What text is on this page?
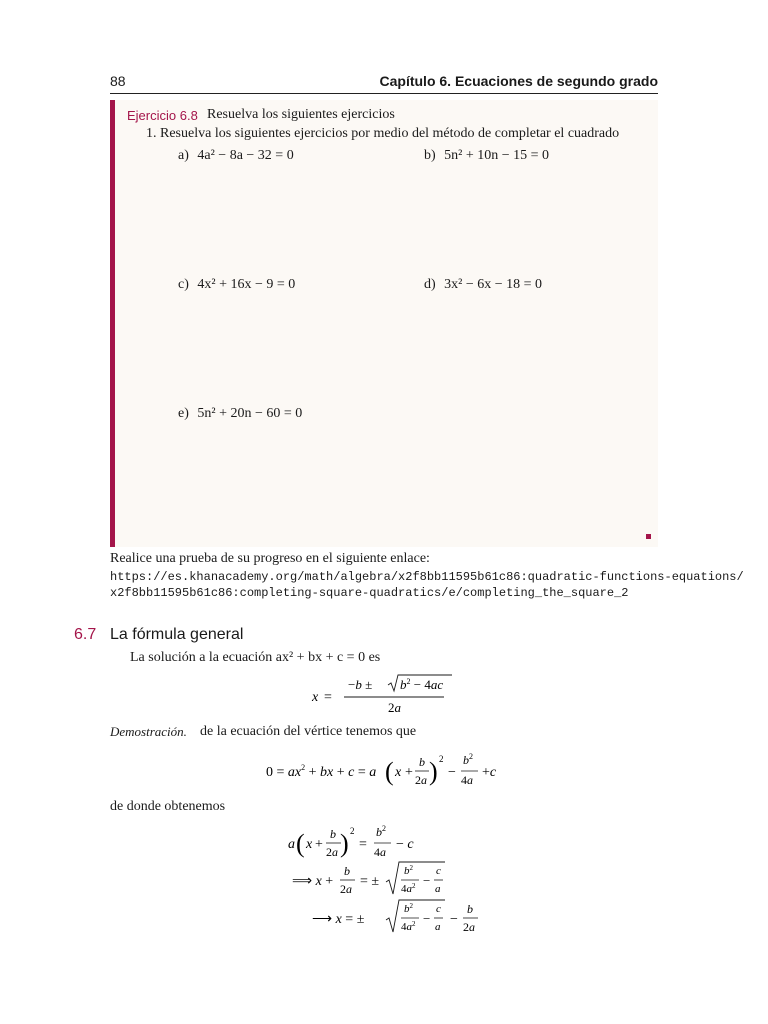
88	Capítulo 6. Ecuaciones de segundo grado
Ejercicio 6.8 Resuelva los siguientes ejercicios
1. Resuelva los siguientes ejercicios por medio del método de completar el cuadrado
a) 4a² − 8a − 32 = 0	b) 5n² + 10n − 15 = 0
c) 4x² + 16x − 9 = 0	d) 3x² − 6x − 18 = 0
e) 5n² + 20n − 60 = 0
Realice una prueba de su progreso en el siguiente enlace:
https://es.khanacademy.org/math/algebra/x2f8bb11595b61c86:quadratic-functions-equations/
x2f8bb11595b61c86:completing-square-quadratics/e/completing_the_square_2
6.7 La fórmula general
La solución a la ecuación ax² + bx + c = 0 es
x =
$-b \pm b^2 - 4ac$
2a
Demostración. de la ecuación del vértice tenemos que
$0 = ax^2$ + bx + c = a ( x +
b
2a ) 2
−
$b^2$
4a +c
de donde obtenemos
a ( x +
b
2a ) 2
=
$b^2$
4a − c
⟹ x +
b
2a = ±
$b^2$
$4a^2$ −
c
a
⟶ x = ±
$b^2$
$4a^2$ −
c
a −
b
2a
